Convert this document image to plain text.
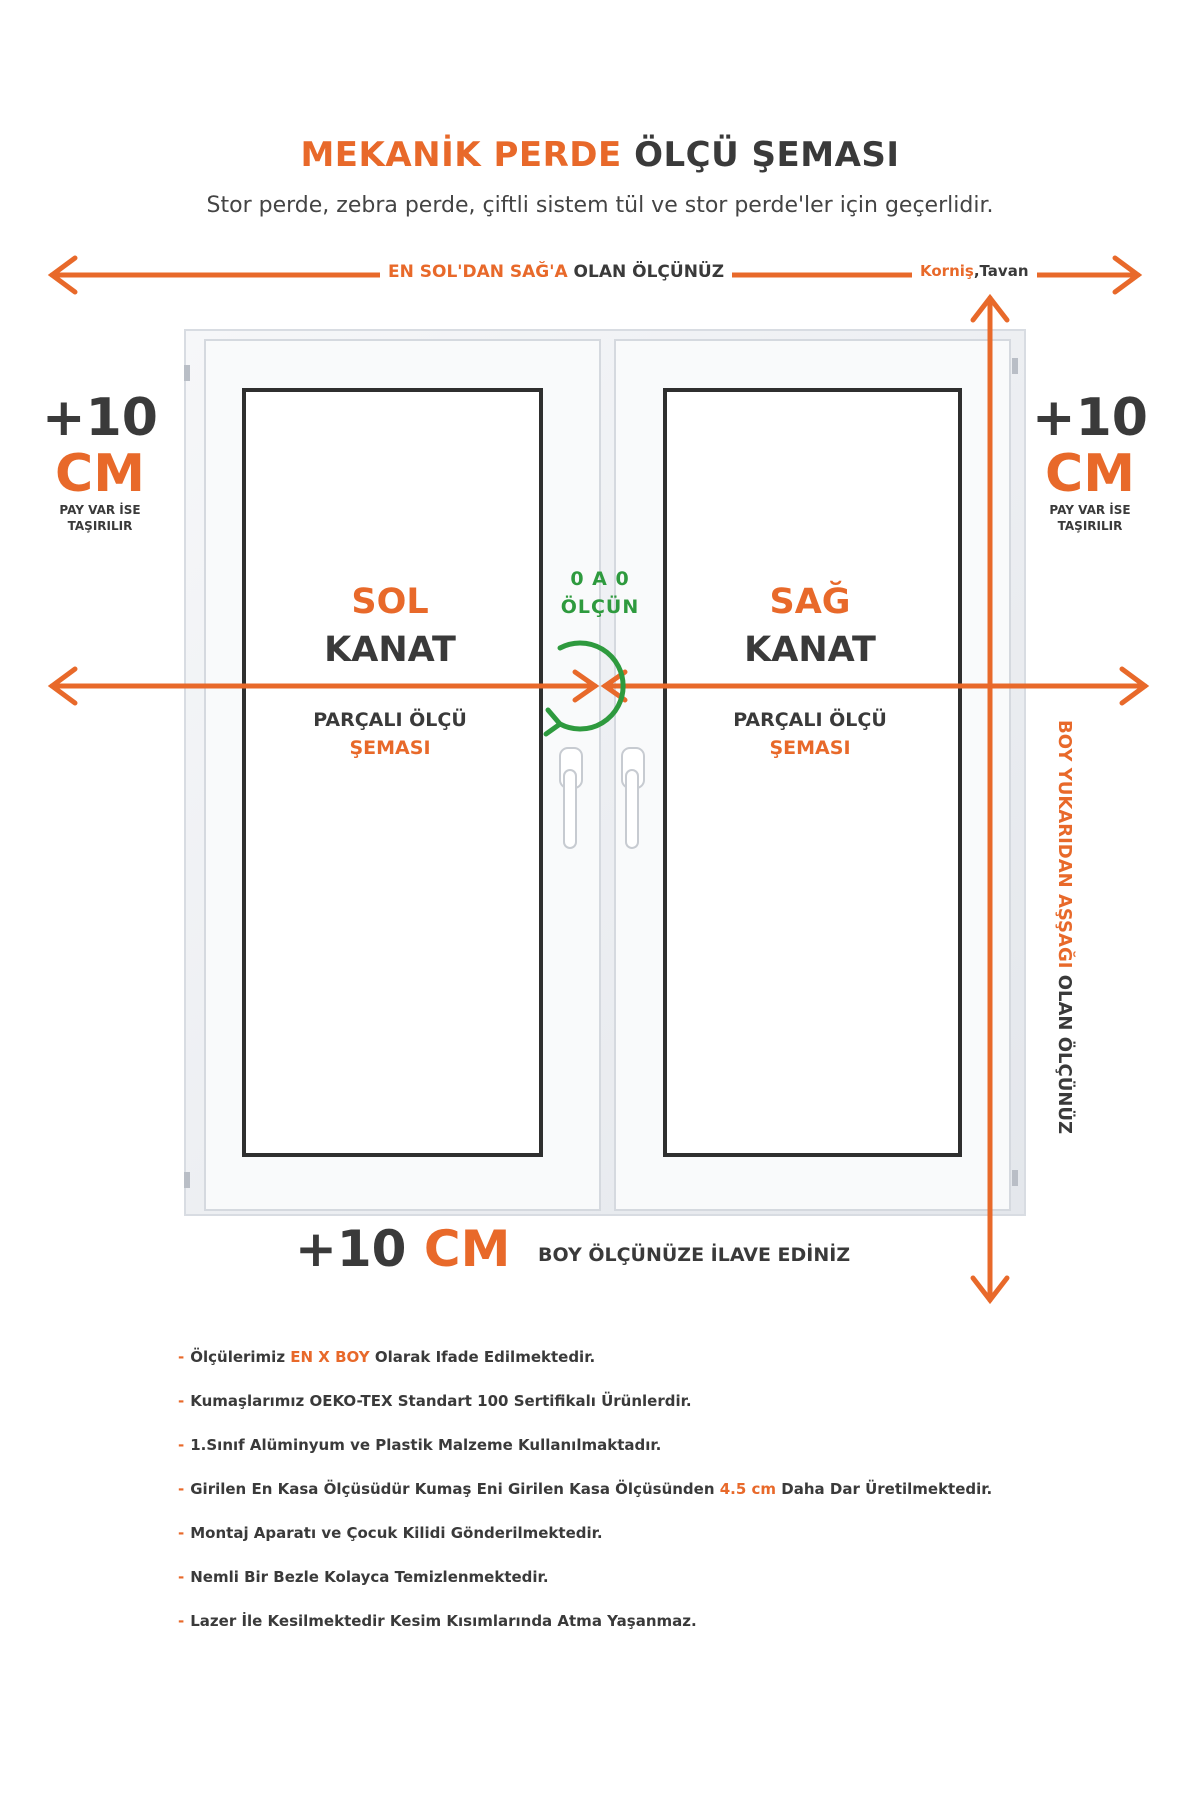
MEKANİK PERDE ÖLÇÜ ŞEMASI
Stor perde, zebra perde, çiftli sistem tül ve stor perde'ler için geçerlidir.
EN SOL'DAN SAĞ'A OLAN ÖLÇÜNÜZ	Korniş,Tavan
+10
CM
PAY VAR İSE
TAŞIRILIR
+10
CM
PAY VAR İSE
TAŞIRILIR
SOL
KANAT
PARÇALI ÖLÇÜ
ŞEMASI
SAĞ
KANAT
PARÇALI ÖLÇÜ
ŞEMASI
0 A 0
ÖLÇÜN
BOY YUKARIDAN AŞŞAĞI OLAN ÖLÇÜNÜZ
+10 CM BOY ÖLÇÜNÜZE İLAVE EDİNİZ
- Ölçülerimiz EN X BOY Olarak Ifade Edilmektedir.
- Kumaşlarımız OEKO-TEX Standart 100 Sertifikalı Ürünlerdir.
- 1.Sınıf Alüminyum ve Plastik Malzeme Kullanılmaktadır.
- Girilen En Kasa Ölçüsüdür Kumaş Eni Girilen Kasa Ölçüsünden 4.5 cm Daha Dar Üretilmektedir.
- Montaj Aparatı ve Çocuk Kilidi Gönderilmektedir.
- Nemli Bir Bezle Kolayca Temizlenmektedir.
- Lazer İle Kesilmektedir Kesim Kısımlarında Atma Yaşanmaz.
